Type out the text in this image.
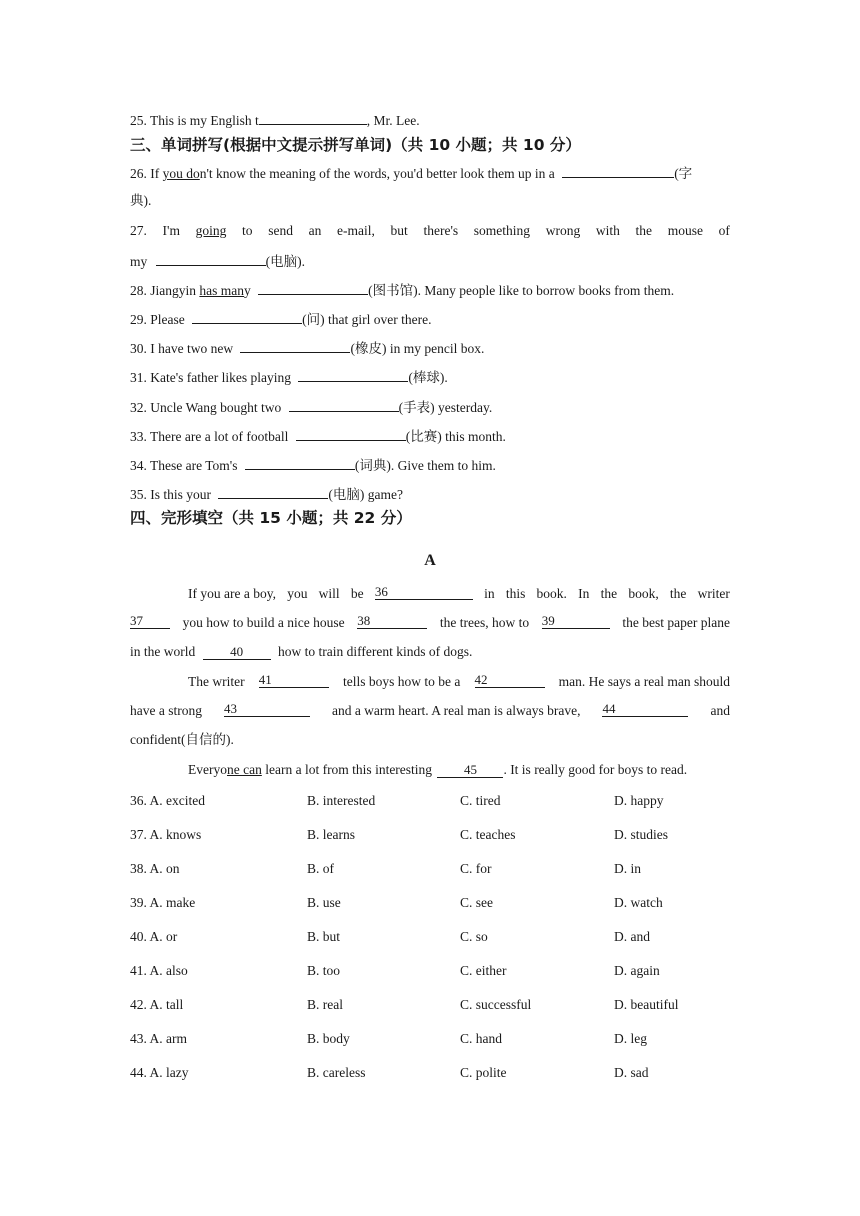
25. This is my English t	, Mr. Lee.
三、单词拼写(根据中文提示拼写单词)（共 10 小题；共 10 分）
26. If you don't know the meaning of the words, you'd better look them up in a	(字
典).
27. I'm going to send an e-mail, but there's something wrong with the mouse of
my	(电脑).
28. Jiangyin has many	(图书馆). Many people like to borrow books from them.
29. Please	(问) that girl over there.
30. I have two new	(橡皮) in my pencil box.
31. Kate's father likes playing	(棒球).
32. Uncle Wang bought two	(手表) yesterday.
33. There are a lot of football	(比赛) this month.
34. These are Tom's	(词典). Give them to him.
35. Is this your	(电脑) game?
四、完形填空（共 15 小题；共 22 分）
A
If you are a boy, you will be 36	in this book. In the book, the writer
37	you how to build a nice house 38	the trees, how to 39	the best paper plane
in the world	40	how to train different kinds of dogs.
The writer 41	tells boys how to be a 42	man. He says a real man should
have a strong 43	and a warm heart. A real man is always brave, 44	and
confident(自信的).
Everyone can learn a lot from this interesting 45 . It is really good for boys to read.
36. A. excited	B. interested	C. tired	D. happy
37. A. knows	B. learns	C. teaches	D. studies
38. A. on	B. of	C. for	D. in
39. A. make	B. use	C. see	D. watch
40. A. or	B. but	C. so	D. and
41. A. also	B. too	C. either	D. again
42. A. tall	B. real	C. successful	D. beautiful
43. A. arm	B. body	C. hand	D. leg
44. A. lazy	B. careless	C. polite	D. sad
